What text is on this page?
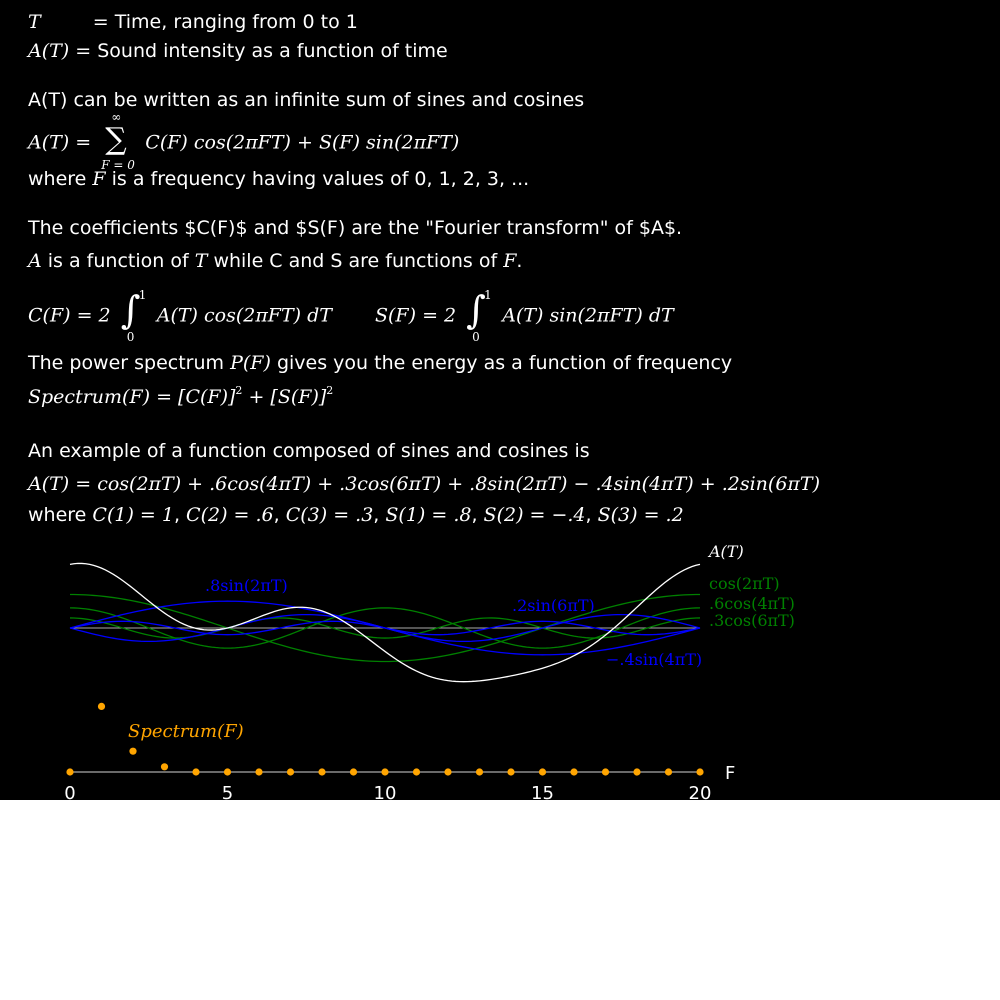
T	= Time, ranging from 0 to 1
A(T) = Sound intensity as a function of time
A(T) can be written as an infinite sum of sines and cosines
A(T) =
∞
∑
F = 0
C(F) cos(2πFT) + S(F) sin(2πFT)
where F is a frequency having values of 0, 1, 2, 3, ...
The coefficients $C(F)$ and $S(F) are the "Fourier transform" of $A$.
A is a function of T while C and S are functions of F.
C(F) = 2 ∫
1
0
A(T) cos(2πFT) dT S(F) = 2 ∫
1
0
A(T) sin(2πFT) dT
The power spectrum P(F) gives you the energy as a function of frequency
Spectrum(F) = $[C(F)]^2 + [S(F)]^2$
An example of a function composed of sines and cosines is
A(T) = cos(2πT) + .6cos(4πT) + .3cos(6πT) + .8sin(2πT) − .4sin(4πT) + .2sin(6πT)
where C(1) = 1, C(2) = .6, C(3) = .3, S(1) = .8, S(2) = −.4, S(3) = .2
A(T)
cos(2πT)
.6cos(4πT)
.3cos(6πT)
.8sin(2πT)
−.4sin(4πT)
.2sin(6πT)
Spectrum(F)
F
0	5	10	15	20
